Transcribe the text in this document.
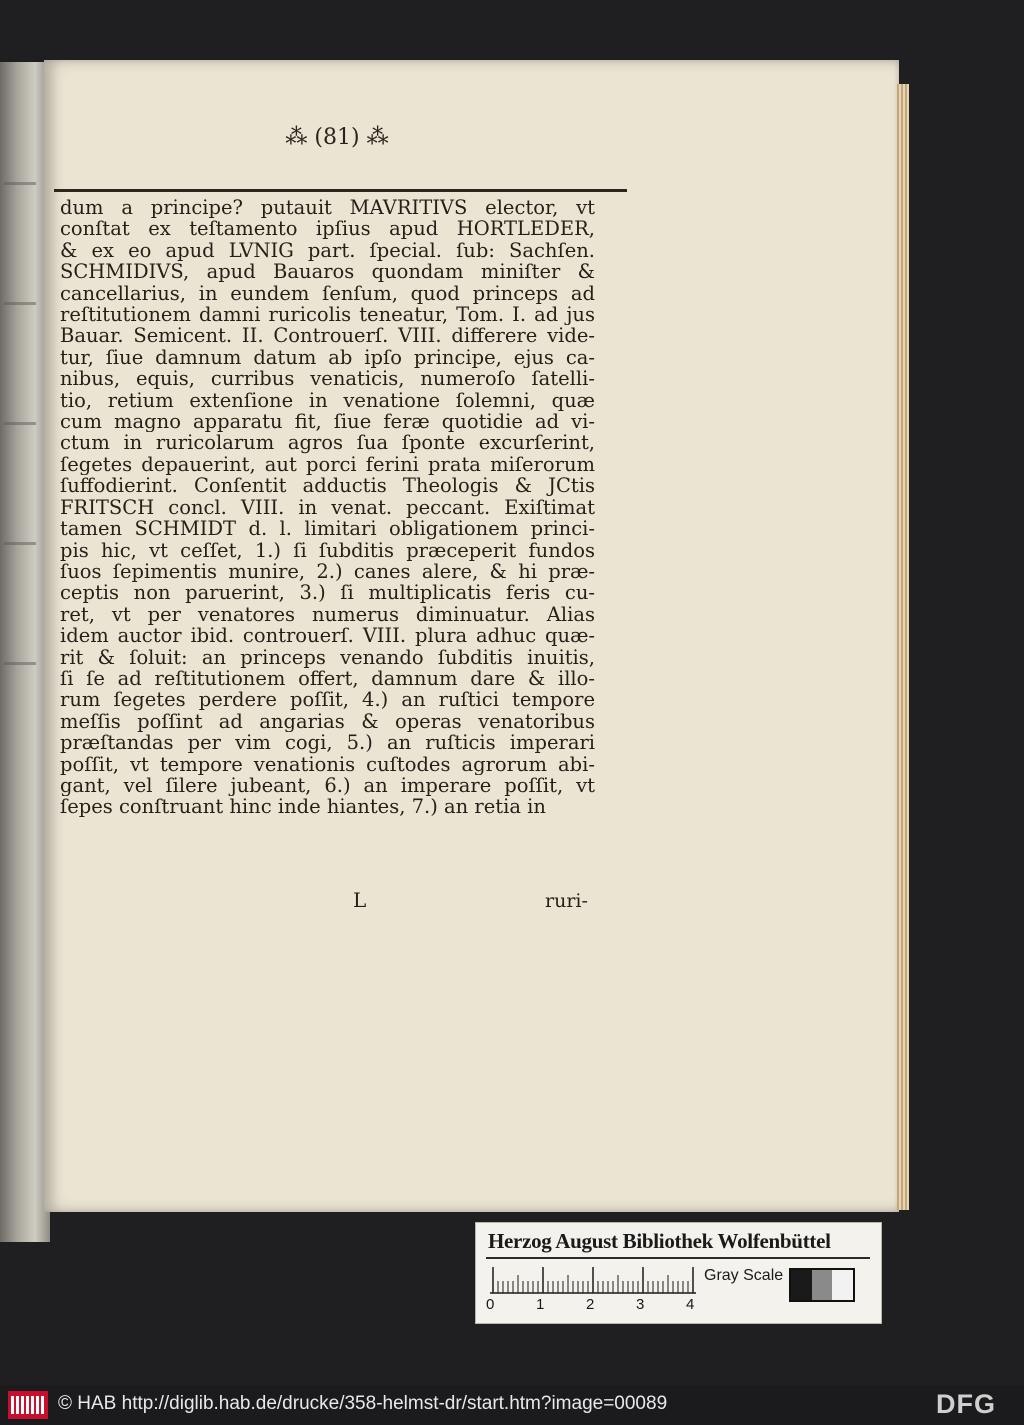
⁂ (81) ⁂
dum a principe? putauit MAVRITIVS elector, vt
conſtat ex teſtamento ipſius apud HORTLEDER,
& ex eo apud LVNIG part. ſpecial. ſub: Sachſen.
SCHMIDIVS, apud Bauaros quondam miniſter &
cancellarius, in eundem ſenſum, quod princeps ad
reſtitutionem damni ruricolis teneatur, Tom. I. ad jus
Bauar. Semicent. II. Controuerſ. VIII. differere vide-
tur, ſiue damnum datum ab ipſo principe, ejus ca-
nibus, equis, curribus venaticis, numeroſo ſatelli-
tio, retium extenſione in venatione ſolemni, quæ
cum magno apparatu fit, ſiue feræ quotidie ad vi-
ctum in ruricolarum agros ſua ſponte excurſerint,
ſegetes depauerint, aut porci ferini prata miſerorum
ſuffodierint. Conſentit adductis Theologis & JCtis
FRITSCH concl. VIII. in venat. peccant. Exiſtimat
tamen SCHMIDT d. l. limitari obligationem princi-
pis hic, vt ceſſet, 1.) ſi ſubditis præceperit fundos
ſuos ſepimentis munire, 2.) canes alere, & hi præ-
ceptis non paruerint, 3.) ſi multiplicatis feris cu-
ret, vt per venatores numerus diminuatur. Alias
idem auctor ibid. controuerſ. VIII. plura adhuc quæ-
rit & ſoluit: an princeps venando ſubditis inuitis,
ſi ſe ad reſtitutionem offert, damnum dare & illo-
rum ſegetes perdere poſſit, 4.) an ruſtici tempore
meſſis poſſint ad angarias & operas venatoribus
præſtandas per vim cogi, 5.) an ruſticis imperari
poſſit, vt tempore venationis cuſtodes agrorum abi-
gant, vel ſilere jubeant, 6.) an imperare poſſit, vt
ſepes conſtruant hinc inde hiantes, 7.) an retia in
L	ruri-
Herzog August Bibliothek Wolfenbüttel
0	1	2	3	4
Gray Scale
© HAB http://diglib.hab.de/drucke/358-helmst-dr/start.htm?image=00089	DFG
